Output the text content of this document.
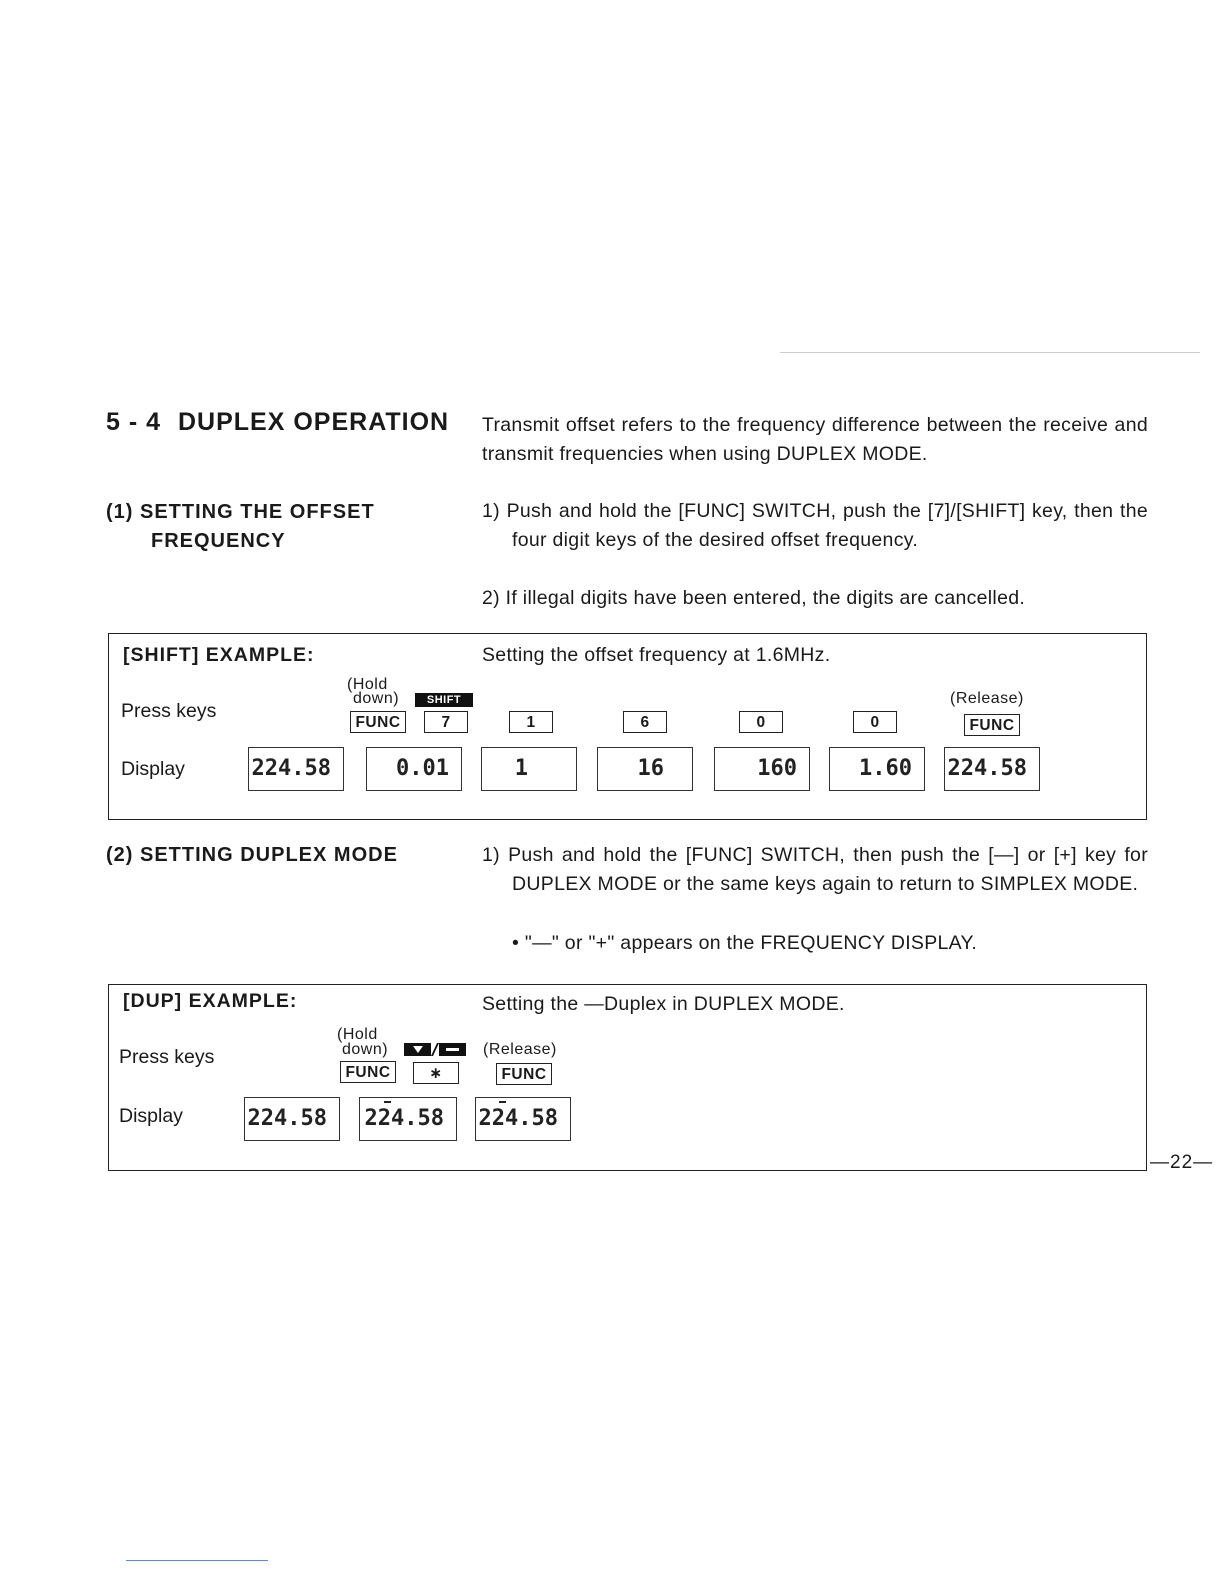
5 - 4 DUPLEX OPERATION Transmit offset refers to the frequency difference between the receive and transmit frequencies when using DUPLEX MODE.
(1) SETTING THE OFFSET
FREQUENCY
1) Push and hold the [FUNC] SWITCH, push the [7]/[SHIFT] key, then the four digit keys of the desired offset frequency.
2) If illegal digits have been entered, the digits are cancelled.
[SHIFT] EXAMPLE:	Setting the offset frequency at 1.6MHz.
Press keys
Display
(Hold
down)	SHIFT	(Release)
FUNC	7	1	6	0	0	FUNC
224.58	0.01	1	16	160	1.60	224.58
(2) SETTING DUPLEX MODE	1) Push and hold the [FUNC] SWITCH, then push the [—] or [+] key for DUPLEX MODE or the same keys again to return to SIMPLEX MODE.
• "—" or "+" appears on the FREQUENCY DISPLAY.
[DUP] EXAMPLE:	Setting the —Duplex in DUPLEX MODE.
Press keys
Display
(Hold
down)	(Release)
FUNC	∗	FUNC
224.58	224.58	224.58
—22—
